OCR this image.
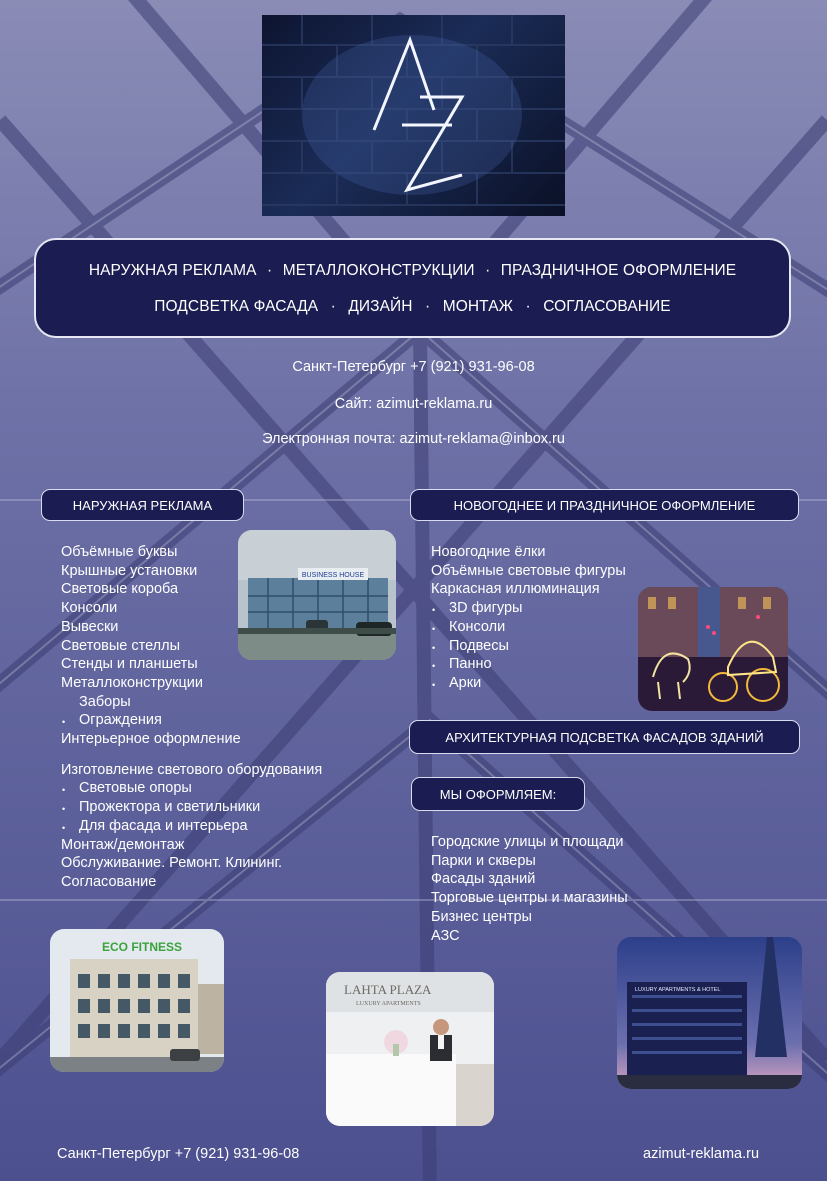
НАРУЖНАЯ РЕКЛАМА · МЕТАЛЛОКОНСТРУКЦИИ · ПРАЗДНИЧНОЕ ОФОРМЛЕНИЕ
ПОДСВЕТКА ФАСАДА · ДИЗАЙН · МОНТАЖ · СОГЛАСОВАНИЕ
Санкт-Петербург +7 (921) 931-96-08
Сайт: azimut-reklama.ru
Электронная почта: azimut-reklama@inbox.ru
НАРУЖНАЯ РЕКЛАМА
Объёмные буквы
Крышные установки
Световые короба
Консоли
Вывески
Световые стеллы
Стенды и планшеты
Металлоконструкции
Заборы
• Ограждения
Интерьерное оформление
Изготовление светового оборудования
• Световые опоры
• Прожектора и светильники
• Для фасада и интерьера
Монтаж/демонтаж
Обслуживание. Ремонт. Клининг.
Согласование
BUSINESS HOUSE
НОВОГОДНЕЕ И ПРАЗДНИЧНОЕ ОФОРМЛЕНИЕ
Новогодние ёлки
Объёмные световые фигуры
Каркасная иллюминация
• 3D фигуры
• Консоли
• Подвесы
• Панно
• Арки
АРХИТЕКТУРНАЯ ПОДСВЕТКА ФАСАДОВ ЗДАНИЙ
МЫ ОФОРМЛЯЕМ:
Городские улицы и площади
Парки и скверы
Фасады зданий
Торговые центры и магазины
Бизнес центры
АЗС
ECO FITNESS
LAHTA PLAZA
LUXURY APARTMENTS
LUXURY APARTMENTS & HOTEL
Санкт-Петербург +7 (921) 931-96-08	azimut-reklama.ru
